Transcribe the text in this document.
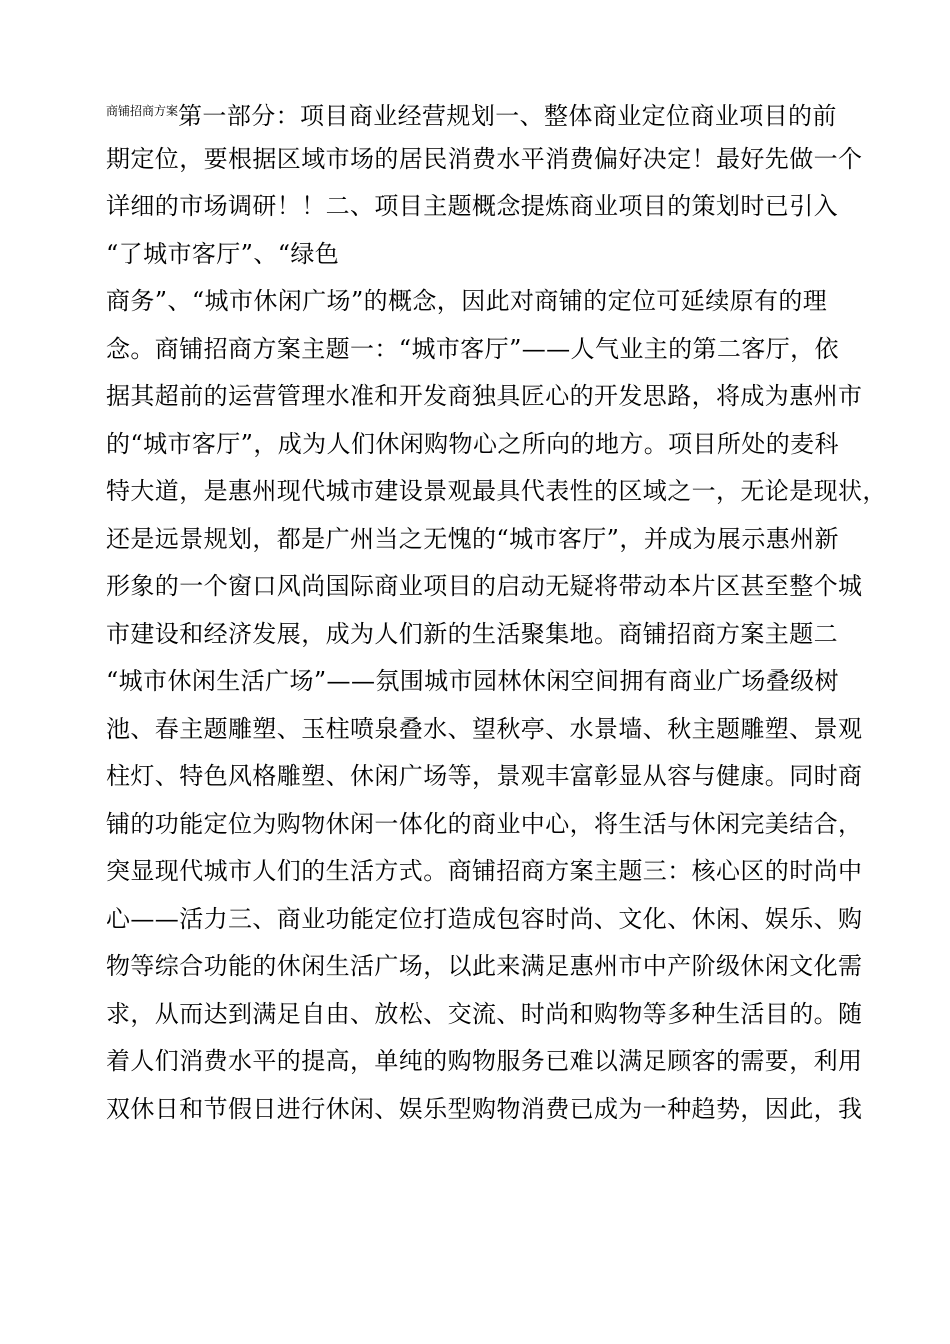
$^{商铺招商方案}$第一部分：项目商业经营规划一、整体商业定位商业项目的前
期定位，要根据区域市场的居民消费水平消费偏好决定！最好先做一个
详细的市场调研！！二、项目主题概念提炼商业项目的策划时已引入
“了城市客厅”、“绿色
商务”、“城市休闲广场”的概念，因此对商铺的定位可延续原有的理
念。商铺招商方案主题一：“城市客厅”——人气业主的第二客厅，依
据其超前的运营管理水准和开发商独具匠心的开发思路，将成为惠州市
的“城市客厅”，成为人们休闲购物心之所向的地方。项目所处的麦科
特大道，是惠州现代城市建设景观最具代表性的区域之一，无论是现状，
还是远景规划，都是广州当之无愧的“城市客厅”，并成为展示惠州新
形象的一个窗口风尚国际商业项目的启动无疑将带动本片区甚至整个城
市建设和经济发展，成为人们新的生活聚集地。商铺招商方案主题二
“城市休闲生活广场”——氛围城市园林休闲空间拥有商业广场叠级树
池、春主题雕塑、玉柱喷泉叠水、望秋亭、水景墙、秋主题雕塑、景观
柱灯、特色风格雕塑、休闲广场等，景观丰富彰显从容与健康。同时商
铺的功能定位为购物休闲一体化的商业中心，将生活与休闲完美结合，
突显现代城市人们的生活方式。商铺招商方案主题三：核心区的时尚中
心——活力三、商业功能定位打造成包容时尚、文化、休闲、娱乐、购
物等综合功能的休闲生活广场，以此来满足惠州市中产阶级休闲文化需
求，从而达到满足自由、放松、交流、时尚和购物等多种生活目的。随
着人们消费水平的提高，单纯的购物服务已难以满足顾客的需要，利用
双休日和节假日进行休闲、娱乐型购物消费已成为一种趋势，因此，我
